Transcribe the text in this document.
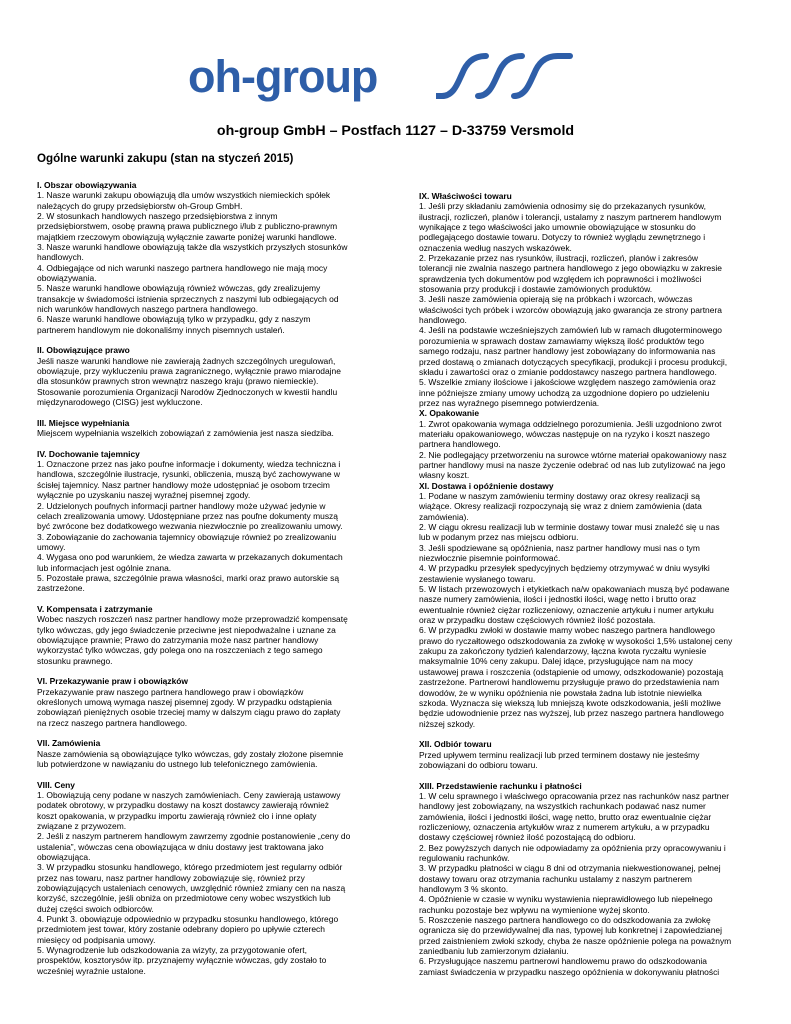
oh-group
oh-group GmbH – Postfach 1127 – D-33759 Versmold
Ogólne warunki zakupu (stan na styczeń 2015)
I. Obszar obowiązywania

1. Nasze warunki zakupu obowiązują dla umów wszystkich niemieckich spółek
należących do grupy przedsiębiorstw oh-Group GmbH.
2. W stosunkach handlowych naszego przedsiębiorstwa z innym
przedsiębiorstwem, osobę prawną prawa publicznego i/lub z publiczno-prawnym
majątkiem rzeczowym obowiązują wyłącznie zawarte poniżej warunki handlowe.
3. Nasze warunki handlowe obowiązują także dla wszystkich przyszłych stosunków
handlowych.
4. Odbiegające od nich warunki naszego partnera handlowego nie mają mocy
obowiązywania.
5. Nasze warunki handlowe obowiązują również wówczas, gdy zrealizujemy
transakcje w świadomości istnienia sprzecznych z naszymi lub odbiegających od
nich warunków handlowych naszego partnera handlowego.
6. Nasze warunki handlowe obowiązują tylko w przypadku, gdy z naszym
partnerem handlowym nie dokonaliśmy innych pisemnych ustaleń.

II. Obowiązujące prawo

Jeśli nasze warunki handlowe nie zawierają żadnych szczególnych uregulowań,
obowiązuje, przy wykluczeniu prawa zagranicznego, wyłącznie prawo miarodajne
dla stosunków prawnych stron wewnątrz naszego kraju (prawo niemieckie).
Stosowanie porozumienia Organizacji Narodów Zjednoczonych w kwestii handlu
międzynarodowego (CISG) jest wykluczone.

III. Miejsce wypełniania

Miejscem wypełniania wszelkich zobowiązań z zamówienia jest nasza siedziba.

IV. Dochowanie tajemnicy

1. Oznaczone przez nas jako poufne informacje i dokumenty, wiedza techniczna i
handlowa, szczególnie ilustracje, rysunki, obliczenia, muszą być zachowywane w
ścisłej tajemnicy. Nasz partner handlowy może udostępniać je osobom trzecim
wyłącznie po uzyskaniu naszej wyraźnej pisemnej zgody.
2. Udzielonych poufnych informacji partner handlowy może używać jedynie w
celach zrealizowania umowy. Udostępniane przez nas poufne dokumenty muszą
być zwrócone bez dodatkowego wezwania niezwłocznie po zrealizowaniu umowy.
3. Zobowiązanie do zachowania tajemnicy obowiązuje również po zrealizowaniu
umowy.
4. Wygasa ono pod warunkiem, że wiedza zawarta w przekazanych dokumentach
lub informacjach jest ogólnie znana.
5. Pozostałe prawa, szczególnie prawa własności, marki oraz prawo autorskie są
zastrzeżone.

V. Kompensata i zatrzymanie

Wobec naszych roszczeń nasz partner handlowy może przeprowadzić kompensatę
tylko wówczas, gdy jego świadczenie przeciwne jest niepodważalne i uznane za
obowiązujące prawnie; Prawo do zatrzymania może nasz partner handlowy
wykorzystać tylko wówczas, gdy polega ono na roszczeniach z tego samego
stosunku prawnego.

VI. Przekazywanie praw i obowiązków

Przekazywanie praw naszego partnera handlowego praw i obowiązków
określonych umową wymaga naszej pisemnej zgody. W przypadku odstąpienia
zobowiązań pieniężnych osobie trzeciej mamy w dalszym ciągu prawo do zapłaty
na rzecz naszego partnera handlowego.

VII. Zamówienia

Nasze zamówienia są obowiązujące tylko wówczas, gdy zostały złożone pisemnie
lub potwierdzone w nawiązaniu do ustnego lub telefonicznego zamówienia.

VIII. Ceny

1. Obowiązują ceny podane w naszych zamówieniach. Ceny zawierają ustawowy
podatek obrotowy, w przypadku dostawy na koszt dostawcy zawierają również
koszt opakowania, w przypadku importu zawierają również cło i inne opłaty
związane z przywozem.
2. Jeśli z naszym partnerem handlowym zawrzemy zgodnie postanowienie „ceny do
ustalenia”, wówczas cena obowiązująca w dniu dostawy jest traktowana jako
obowiązująca.
3. W przypadku stosunku handlowego, którego przedmiotem jest regularny odbiór
przez nas towaru, nasz partner handlowy zobowiązuje się, również przy
zobowiązujących ustaleniach cenowych, uwzględnić również zmiany cen na naszą
korzyść, szczególnie, jeśli obniża on przedmiotowe ceny wobec wszystkich lub
dużej części swoich odbiorców.
4. Punkt 3. obowiązuje odpowiednio w przypadku stosunku handlowego, którego
przedmiotem jest towar, który zostanie odebrany dopiero po upływie czterech
miesięcy od podpisania umowy.
5. Wynagrodzenie lub odszkodowania za wizyty, za przygotowanie ofert,
prospektów, kosztorysów itp. przyznajemy wyłącznie wówczas, gdy zostało to
wcześniej wyraźnie ustalone.

IX. Właściwości towaru

1. Jeśli przy składaniu zamówienia odnosimy się do przekazanych rysunków,
ilustracji, rozliczeń, planów i tolerancji, ustalamy z naszym partnerem handlowym
wynikające z tego właściwości jako umownie obowiązujące w stosunku do
podlegającego dostawie towaru. Dotyczy to również wyglądu zewnętrznego i
oznaczenia według naszych wskazówek.
2. Przekazanie przez nas rysunków, ilustracji, rozliczeń, planów i zakresów
tolerancji nie zwalnia naszego partnera handlowego z jego obowiązku w zakresie
sprawdzenia tych dokumentów pod względem ich poprawności i możliwości
stosowania przy produkcji i dostawie zamówionych produktów.
3. Jeśli nasze zamówienia opierają się na próbkach i wzorcach, wówczas
właściwości tych próbek i wzorców obowiązują jako gwarancja ze strony partnera
handlowego.
4. Jeśli na podstawie wcześniejszych zamówień lub w ramach długoterminowego
porozumienia w sprawach dostaw zamawiamy większą ilość produktów tego
samego rodzaju, nasz partner handlowy jest zobowiązany do informowania nas
przed dostawą o zmianach dotyczących specyfikacji, produkcji i procesu produkcji,
składu i zawartości oraz o zmianie poddostawcy naszego partnera handlowego.
5. Wszelkie zmiany ilościowe i jakościowe względem naszego zamówienia oraz
inne późniejsze zmiany umowy uchodzą za uzgodnione dopiero po udzieleniu
przez nas wyraźnego pisemnego potwierdzenia.

X. Opakowanie

1. Zwrot opakowania wymaga oddzielnego porozumienia. Jeśli uzgodniono zwrot
materiału opakowaniowego, wówczas następuje on na ryzyko i koszt naszego
partnera handlowego.
2. Nie podlegający przetworzeniu na surowce wtórne materiał opakowaniowy nasz
partner handlowy musi na nasze życzenie odebrać od nas lub zutylizować na jego
własny koszt.

XI. Dostawa i opóźnienie dostawy

1. Podane w naszym zamówieniu terminy dostawy oraz okresy realizacji są
wiążące. Okresy realizacji rozpoczynają się wraz z dniem zamówienia (data
zamówienia).
2. W ciągu okresu realizacji lub w terminie dostawy towar musi znaleźć się u nas
lub w podanym przez nas miejscu odbioru.
3. Jeśli spodziewane są opóźnienia, nasz partner handlowy musi nas o tym
niezwłocznie pisemnie poinformować.
4. W przypadku przesyłek spedycyjnych będziemy otrzymywać w dniu wysyłki
zestawienie wysłanego towaru.
5. W listach przewozowych i etykietkach na/w opakowaniach muszą być podawane
nasze numery zamówienia, ilości i jednostki ilości, wagę netto i brutto oraz
ewentualnie również ciężar rozliczeniowy, oznaczenie artykułu i numer artykułu
oraz w przypadku dostaw częściowych również ilość pozostała.
6. W przypadku zwłoki w dostawie mamy wobec naszego partnera handlowego
prawo do ryczałtowego odszkodowania za zwłokę w wysokości 1,5% ustalonej ceny
zakupu za zakończony tydzień kalendarzowy, łączna kwota ryczałtu wyniesie
maksymalnie 10% ceny zakupu. Dalej idące, przysługujące nam na mocy
ustawowej prawa i roszczenia (odstąpienie od umowy, odszkodowanie) pozostają
zastrzeżone. Partnerowi handlowemu przysługuje prawo do przedstawienia nam
dowodów, że w wyniku opóźnienia nie powstała żadna lub istotnie niewielka
szkoda. Wyznacza się wiekszą lub mniejszą kwote odszkodowania, jeśli możliwe
będzie udowodnienie przez nas wyższej, lub przez naszego partnera handlowego
niższej szkody.

XII. Odbiór towaru

Przed upływem terminu realizacji lub przed terminem dostawy nie jesteśmy
zobowiązani do odbioru towaru.

XIII. Przedstawienie rachunku i płatności

1. W celu sprawnego i właściwego opracowania przez nas rachunków nasz partner
handlowy jest zobowiązany, na wszystkich rachunkach podawać nasz numer
zamówienia, ilości i jednostki ilości, wagę netto, brutto oraz ewentualnie ciężar
rozliczeniowy, oznaczenia artykułów wraz z numerem artykułu, a w przypadku
dostawy częściowej również ilość pozostającą do odbioru.
2. Bez powyższych danych nie odpowiadamy za opóźnienia przy opracowywaniu i
regulowaniu rachunków.
3. W przypadku płatności w ciągu 8 dni od otrzymania niekwestionowanej, pełnej
dostawy towaru oraz otrzymania rachunku ustalamy z naszym partnerem
handlowym 3 % skonto.
4. Opóźnienie w czasie w wyniku wystawienia nieprawidłowego lub niepełnego
rachunku pozostaje bez wpływu na wymienione wyżej skonto.
5. Roszczenie naszego partnera handlowego co do odszkodowania za zwłokę
ogranicza się do przewidywalnej dla nas, typowej lub konkretnej i zapowiedzianej
przed zaistnieniem zwłoki szkody, chyba że nasze opóźnienie polega na poważnym
zaniedbaniu lub zamierzonym działaniu.
6. Przysługujące naszemu partnerowi handlowemu prawo do odszkodowania
zamiast świadczenia w przypadku naszego opóźnienia w dokonywaniu płatności
